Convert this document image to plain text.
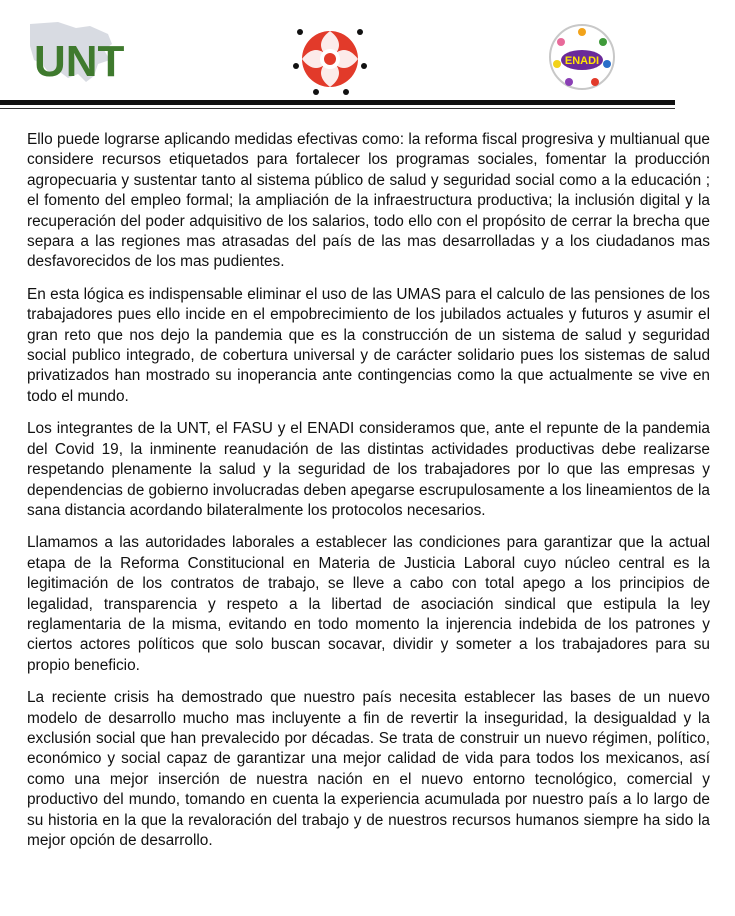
UNT	ENADI

Ello puede lograrse aplicando medidas efectivas como: la reforma fiscal progresiva y multianual que considere recursos etiquetados para fortalecer los programas sociales, fomentar la producción agropecuaria y sustentar tanto al sistema público de salud y seguridad social como a la educación ; el fomento del empleo formal; la ampliación de la infraestructura productiva; la inclusión digital y la recuperación del poder adquisitivo de los salarios, todo ello con el propósito de cerrar la brecha que separa a las regiones mas atrasadas del país de las mas desarrolladas y a los ciudadanos mas desfavorecidos de los mas pudientes.

En esta lógica es indispensable eliminar el uso de las UMAS para el calculo de las pensiones de los trabajadores pues ello incide en el empobrecimiento de los jubilados actuales y futuros y asumir el gran reto que nos dejo la pandemia que es la construcción de un sistema de salud y seguridad social publico integrado, de cobertura universal y de carácter solidario pues los sistemas de salud privatizados han mostrado su inoperancia ante contingencias como la que actualmente se vive en todo el mundo.

Los integrantes de la UNT, el FASU y el ENADI consideramos que, ante el repunte de la pandemia del Covid 19, la inminente reanudación de las distintas actividades productivas debe realizarse respetando plenamente la salud y la seguridad de los trabajadores por lo que las empresas y dependencias de gobierno involucradas deben apegarse escrupulosamente a los lineamientos de la sana distancia acordando bilateralmente los protocolos necesarios.

Llamamos a las autoridades laborales a establecer las condiciones para garantizar que la actual etapa de la Reforma Constitucional en Materia de Justicia Laboral cuyo núcleo central es la legitimación de los contratos de trabajo, se lleve a cabo con total apego a los principios de legalidad, transparencia y respeto a la libertad de asociación sindical que estipula la ley reglamentaria de la misma, evitando en todo momento la injerencia indebida de los patrones y ciertos actores políticos que solo buscan socavar, dividir y someter a los trabajadores para su propio beneficio.

La reciente crisis ha demostrado que nuestro país necesita establecer las bases de un nuevo modelo de desarrollo mucho mas incluyente a fin de revertir la inseguridad, la desigualdad y la exclusión social que han prevalecido por décadas. Se trata de construir un nuevo régimen, político, económico y social capaz de garantizar una mejor calidad de vida para todos los mexicanos, así como una mejor inserción de nuestra nación en el nuevo entorno tecnológico, comercial y productivo del mundo, tomando en cuenta la experiencia acumulada por nuestro país a lo largo de su historia en la que la revaloración del trabajo y de nuestros recursos humanos siempre ha sido la mejor opción de desarrollo.
